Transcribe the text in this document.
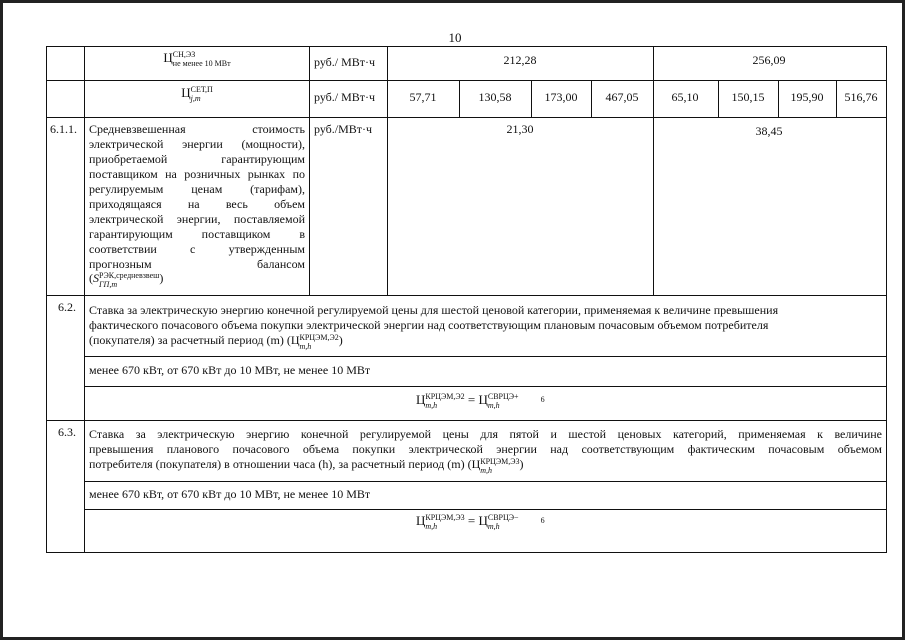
10
Ц СН,ЭЗ
не менее 10 МВт	руб./ МВт·ч	212,28	256,09
Ц СЕТ,П
j,m	руб./ МВт·ч	57,71	130,58	173,00 467,05	65,10	150,15 195,90 516,76
6.1.1. Средневзвешенная стоимость
электрической энергии (мощности),
приобретаемой гарантирующим
поставщиком на розничных рынках по
регулируемым ценам (тарифам),
приходящаяся на весь объем
электрической энергии, поставляемой
гарантирующим поставщиком в
соответствии с утвержденным
прогнозным балансом
(S РЭК,средневзвеш
ГП,m	)
руб./МВт·ч	21,30	38,45
6.2. Ставка за электрическую энергию конечной регулируемой цены для шестой ценовой категории, применяемая к величине превышения
фактического почасового объема покупки электрической энергии над соответствующим плановым почасовым объемом потребителя
(покупателя) за расчетный период (m) (Ц КРЦЭМ,Э2
m,h	)
менее 670 кВт, от 670 кВт до 10 МВт, не менее 10 МВт
Ц КРЦЭМ,Э2
m,h	= Ц СВРЦЭ+
m,h
6
6.3. Ставка за электрическую энергию конечной регулируемой цены для пятой и шестой ценовых категорий, применяемая к величине
превышения планового почасового объема покупки электрической энергии над соответствующим фактическим почасовым объемом
потребителя (покупателя) в отношении часа (h), за расчетный период (m) (Ц КРЦЭМ,Э3
m,h	)
менее 670 кВт, от 670 кВт до 10 МВт, не менее 10 МВт
Ц КРЦЭМ,Э3
m,h	= Ц СВРЦЭ−
m,h
6
